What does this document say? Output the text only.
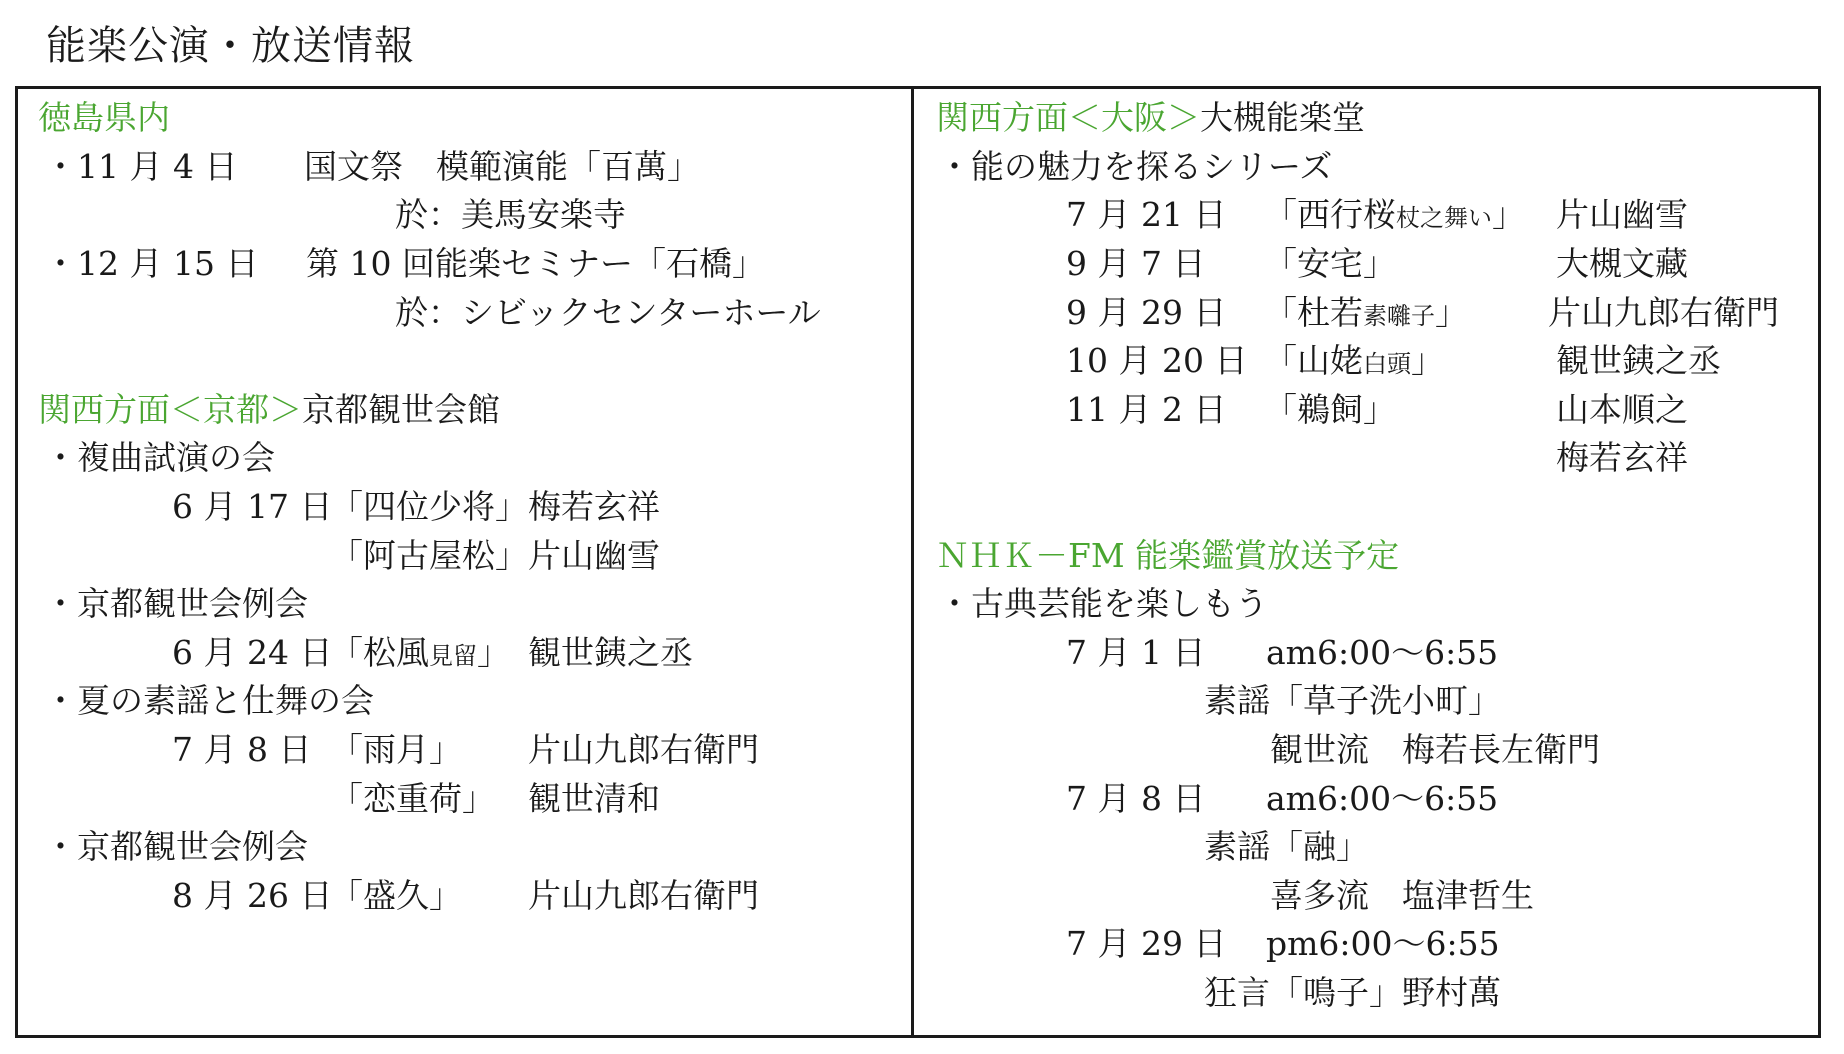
能楽公演・放送情報
徳島県内
・11 月 4 日 国文祭　模範演能「百萬」
於：美馬安楽寺
・12 月 15 日 第 10 回能楽セミナー「石橋」
於：シビックセンターホール
関西方面＜京都＞京都観世会館
・複曲試演の会
6 月 17 日
「四位少将」 梅若玄祥
「阿古屋松」 片山幽雪
・京都観世会例会
6 月 24 日
「松風見留」 観世銕之丞
・夏の素謡と仕舞の会
7 月 8 日 「雨月」 片山九郎右衛門
「恋重荷」 観世清和
・京都観世会例会
8 月 26 日
「盛久」 片山九郎右衛門
関西方面＜大阪＞大槻能楽堂
・能の魅力を探るシリーズ
7 月 21 日 「西行桜杖之舞い」 片山幽雪
9 月 7 日 「安宅」	大槻文藏
9 月 29 日 「杜若素囃子」 片山九郎右衛門
10 月 20 日 「山姥白頭」	観世銕之丞
11 月 2 日 「鵜飼」	山本順之
梅若玄祥
ＮＨＫ－FM 能楽鑑賞放送予定
・古典芸能を楽しもう
7 月 1 日 am6:00～6:55
素謡「草子洗小町」
観世流　梅若長左衛門
7 月 8 日 am6:00～6:55
素謡「融」
喜多流　塩津哲生
7 月 29 日 pm6:00～6:55
狂言「鳴子」野村萬
